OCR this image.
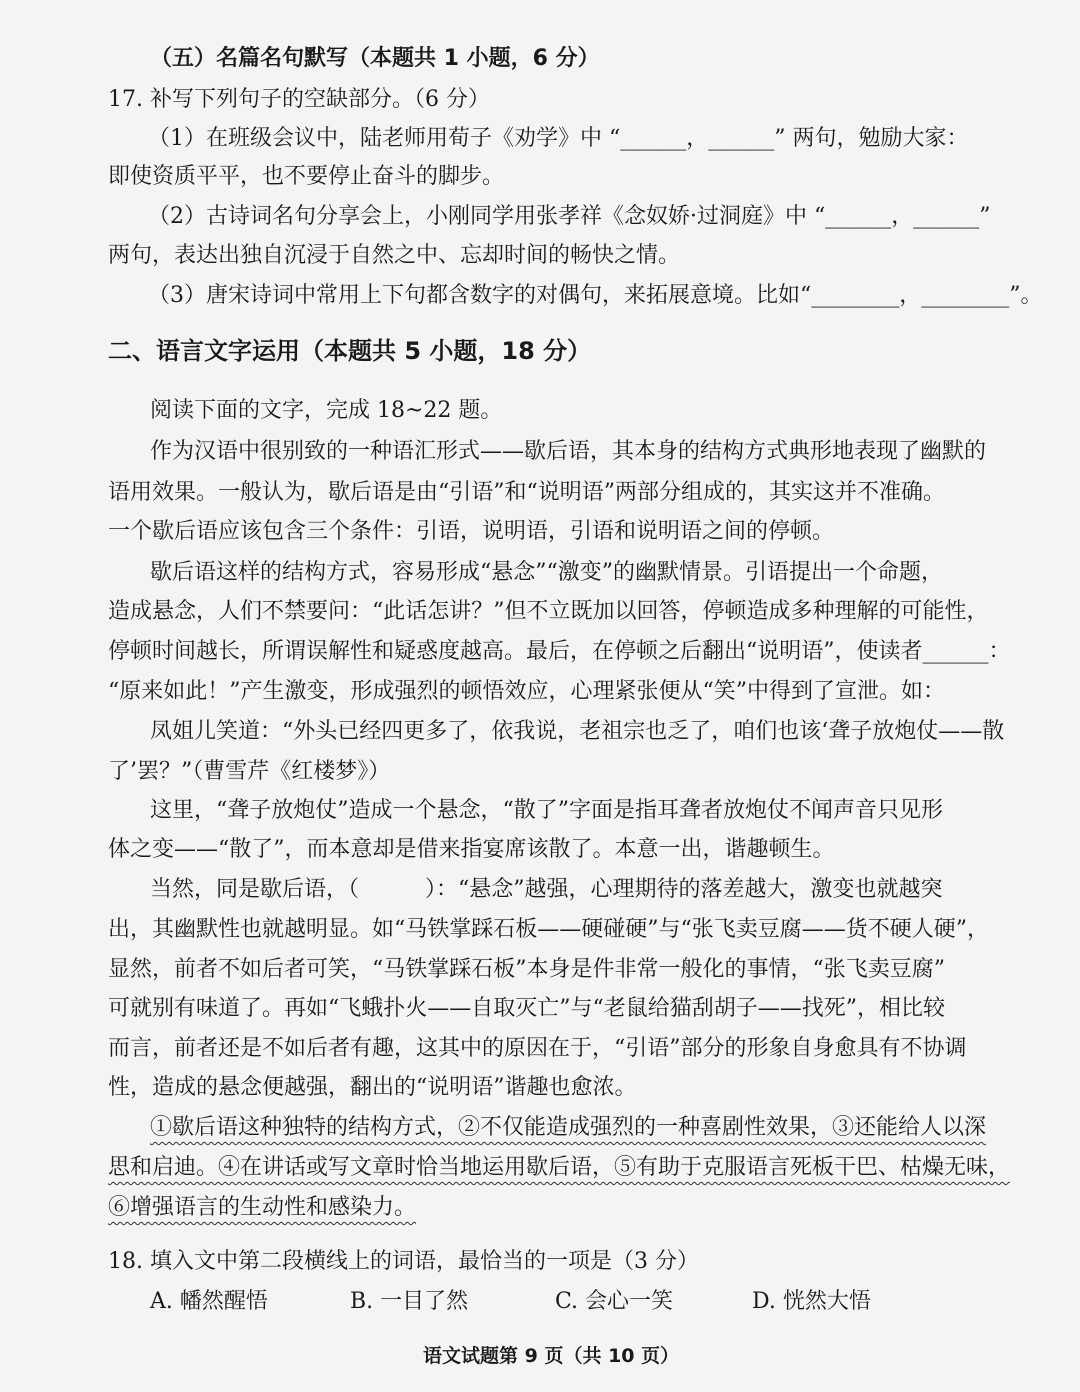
（五）名篇名句默写（本题共 1 小题，6 分）
17. 补写下列句子的空缺部分。（6 分）
（1）在班级会议中，陆老师用荀子《劝学》中 “______，______” 两句，勉励大家：
即使资质平平，也不要停止奋斗的脚步。
（2）古诗词名句分享会上，小刚同学用张孝祥《念奴娇·过洞庭》中 “______，______”
两句，表达出独自沉浸于自然之中、忘却时间的畅快之情。
（3）唐宋诗词中常用上下句都含数字的对偶句，来拓展意境。比如“________，________”。
二、语言文字运用（本题共 5 小题，18 分）
阅读下面的文字，完成 18~22 题。
作为汉语中很别致的一种语汇形式——歇后语，其本身的结构方式典形地表现了幽默的
语用效果。一般认为，歇后语是由“引语”和“说明语”两部分组成的，其实这并不准确。
一个歇后语应该包含三个条件：引语，说明语，引语和说明语之间的停顿。
歇后语这样的结构方式，容易形成“悬念”“激变”的幽默情景。引语提出一个命题，
造成悬念，人们不禁要问：“此话怎讲？”但不立既加以回答，停顿造成多种理解的可能性，
停顿时间越长，所谓误解性和疑惑度越高。最后，在停顿之后翻出“说明语”，使读者______：
“原来如此！”产生激变，形成强烈的顿悟效应，心理紧张便从“笑”中得到了宣泄。如：
凤姐儿笑道：“外头已经四更多了，依我说，老祖宗也乏了，咱们也该‘聋子放炮仗——散
了’罢？”（曹雪芹《红楼梦》）
这里，“聋子放炮仗”造成一个悬念，“散了”字面是指耳聋者放炮仗不闻声音只见形
体之变——“散了”，而本意却是借来指宴席该散了。本意一出，谐趣顿生。
当然，同是歇后语，（　　　）：“悬念”越强，心理期待的落差越大，激变也就越突
出，其幽默性也就越明显。如“马铁掌踩石板——硬碰硬”与“张飞卖豆腐——货不硬人硬”，
显然，前者不如后者可笑，“马铁掌踩石板”本身是件非常一般化的事情，“张飞卖豆腐”
可就别有味道了。再如“飞蛾扑火——自取灭亡”与“老鼠给猫刮胡子——找死”，相比较
而言，前者还是不如后者有趣，这其中的原因在于，“引语”部分的形象自身愈具有不协调
性，造成的悬念便越强，翻出的“说明语”谐趣也愈浓。
①歇后语这种独特的结构方式，②不仅能造成强烈的一种喜剧性效果，③还能给人以深
思和启迪。④在讲话或写文章时恰当地运用歇后语，⑤有助于克服语言死板干巴、枯燥无味，
⑥增强语言的生动性和感染力。
18. 填入文中第二段横线上的词语，最恰当的一项是（3 分）
A. 幡然醒悟	B. 一目了然	C. 会心一笑	D. 恍然大悟
语文试题第 9 页（共 10 页）
